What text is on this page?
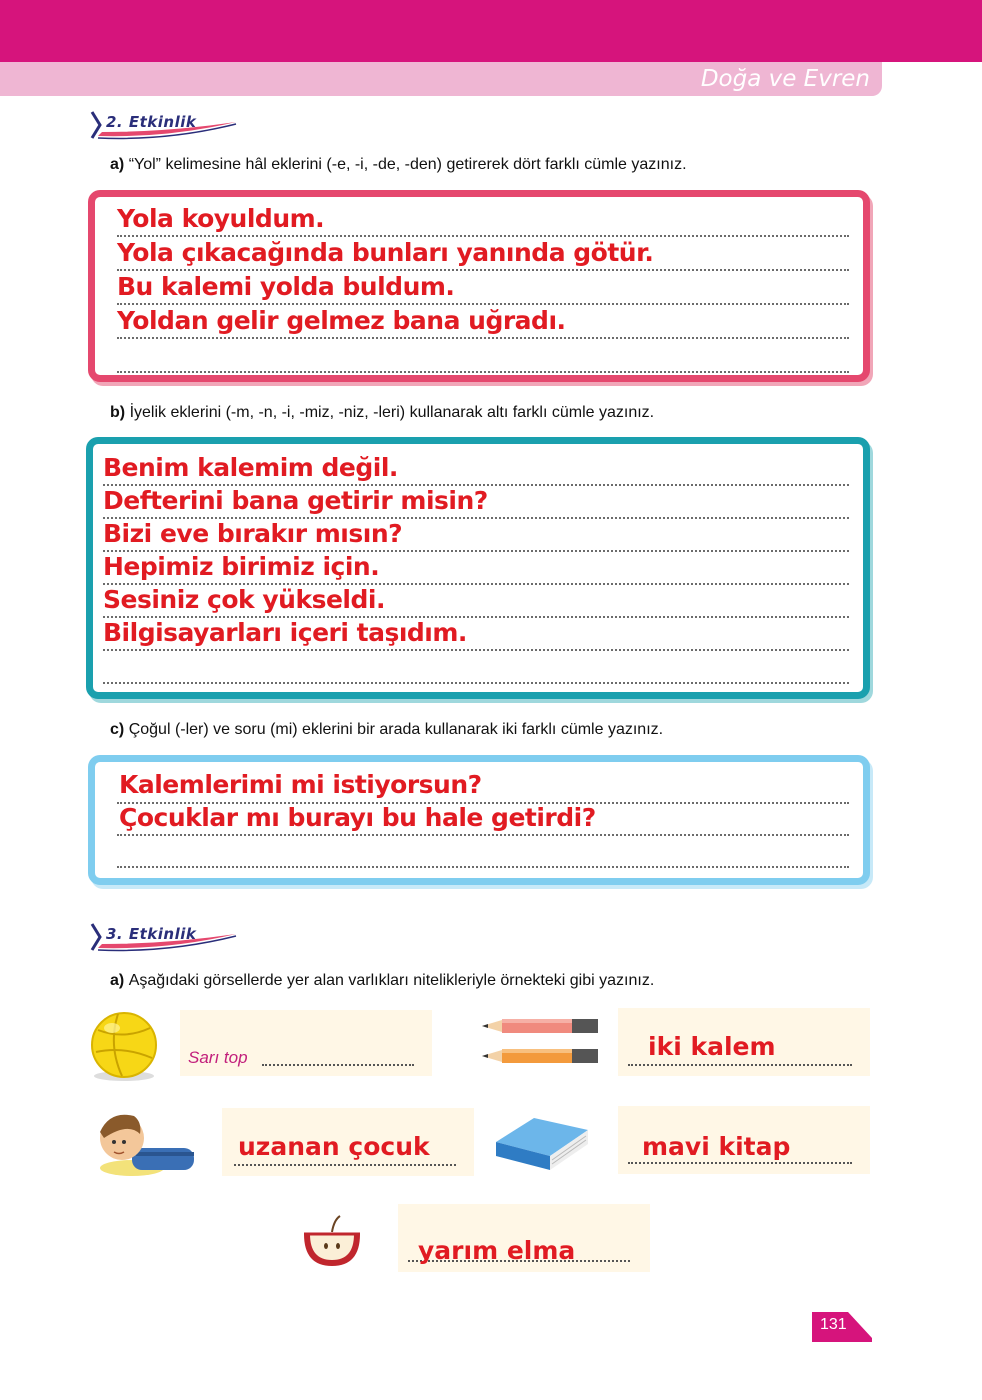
Doğa ve Evren
2. Etkinlik
a) “Yol” kelimesine hâl eklerini (-e, -i, -de, -den) getirerek dört farklı cümle yazınız.
Yola koyuldum.
Yola çıkacağında bunları yanında götür.
Bu kalemi yolda buldum.
Yoldan gelir gelmez bana uğradı.
b) İyelik eklerini (-m, -n, -i, -miz, -niz, -leri) kullanarak altı farklı cümle yazınız.
Benim kalemim değil.
Defterini bana getirir misin?
Bizi eve bırakır mısın?
Hepimiz birimiz için.
Sesiniz çok yükseldi.
Bilgisayarları içeri taşıdım.
c) Çoğul (-ler) ve soru (mi) eklerini bir arada kullanarak iki farklı cümle yazınız.
Kalemlerimi mi istiyorsun?
Çocuklar mı burayı bu hale getirdi?
3. Etkinlik
a) Aşağıdaki görsellerde yer alan varlıkları nitelikleriyle örnekteki gibi yazınız.
Sarı top	iki kalem
uzanan çocuk	mavi kitap
yarım elma
131
